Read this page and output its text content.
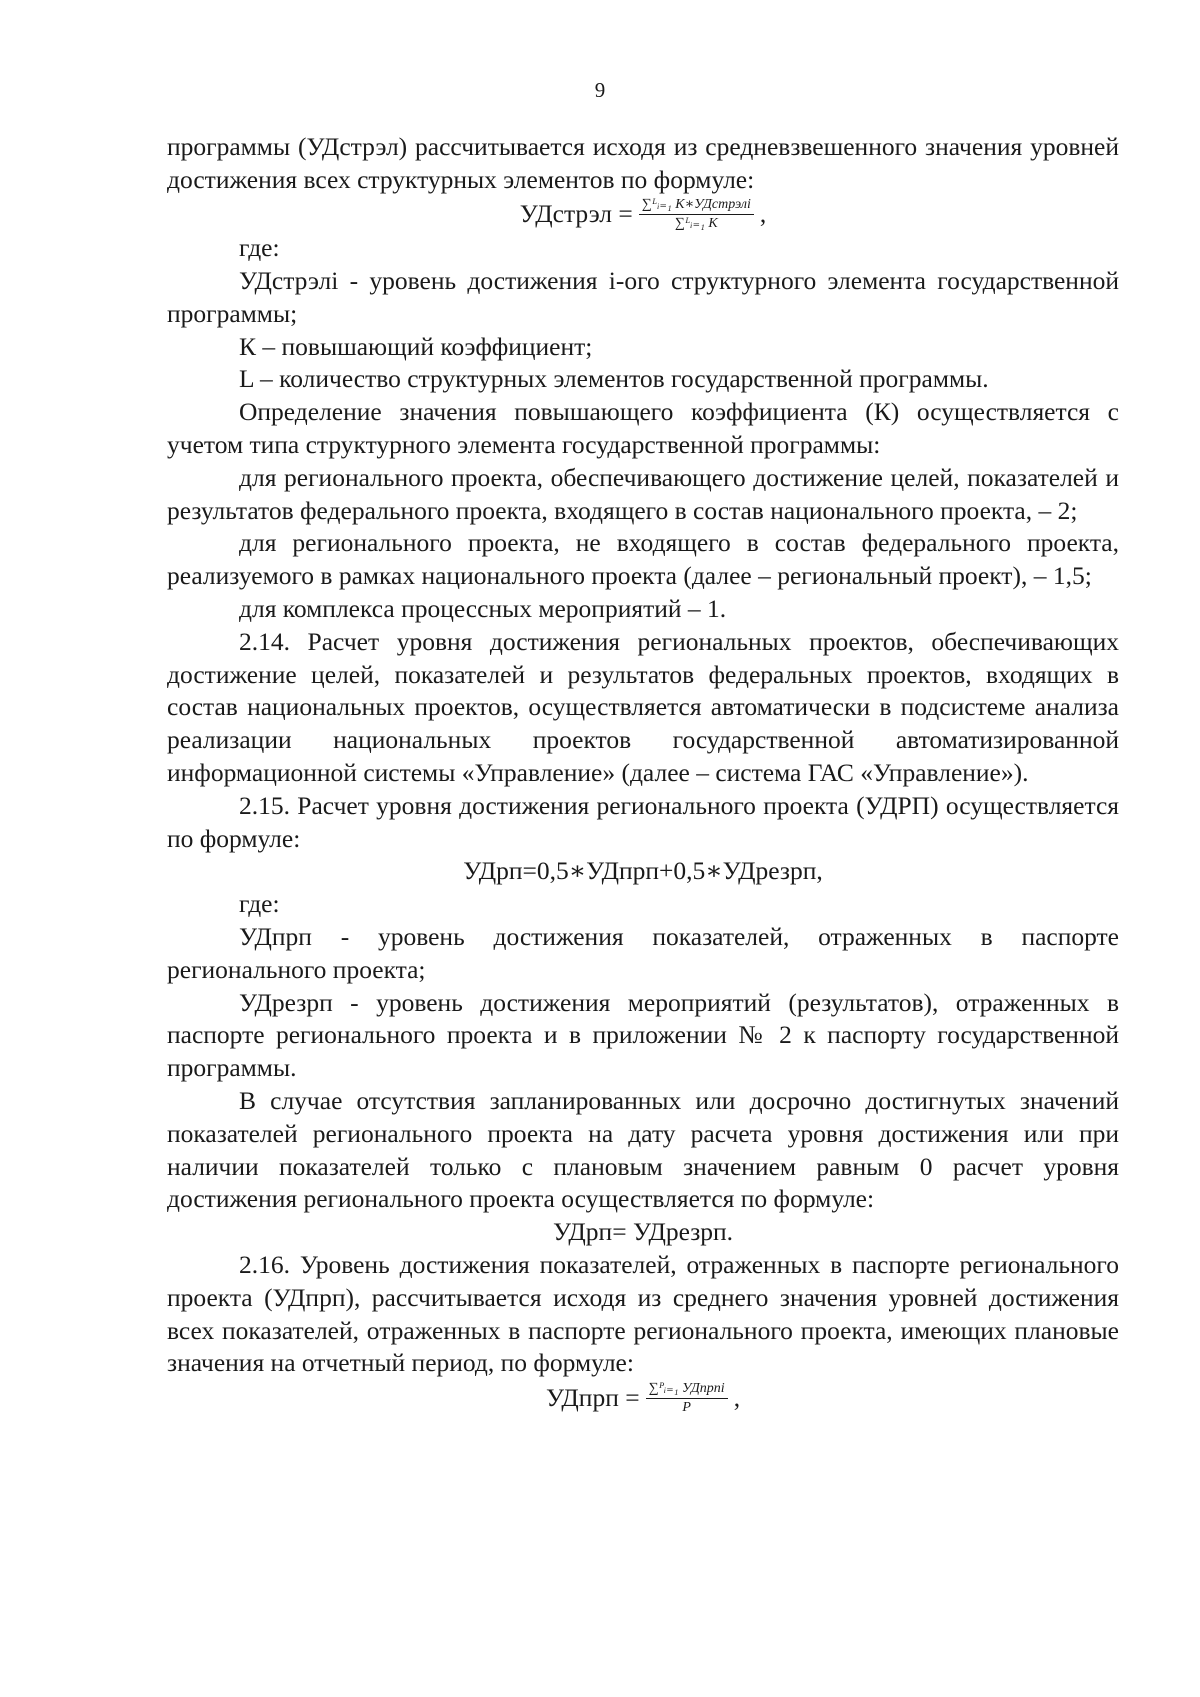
9

программы (УДстрэл) рассчитывается исходя из средневзвешенного значения уровней достижения всех структурных элементов по формуле:

УДстрэл = $\frac{\text{∑ᴸᵢ₌₁ K∗УДстрэлi}}{\text{∑ᴸᵢ₌₁ K}}$ ,

где:

УДстрэлi - уровень достижения i-ого структурного элемента государственной программы;

К – повышающий коэффициент;

L – количество структурных элементов государственной программы.

Определение значения повышающего коэффициента (К) осуществляется с учетом типа структурного элемента государственной программы:

для регионального проекта, обеспечивающего достижение целей, показателей и результатов федерального проекта, входящего в состав национального проекта, – 2;

для регионального проекта, не входящего в состав федерального проекта, реализуемого в рамках национального проекта (далее – региональный проект), – 1,5;

для комплекса процессных мероприятий – 1.

2.14. Расчет уровня достижения региональных проектов, обеспечивающих достижение целей, показателей и результатов федеральных проектов, входящих в состав национальных проектов, осуществляется автоматически в подсистеме анализа реализации национальных проектов государственной автоматизированной информационной системы «Управление» (далее – система ГАС «Управление»).

2.15. Расчет уровня достижения регионального проекта (УДРП) осуществляется по формуле:

УДрп=0,5∗УДпрп+0,5∗УДрезрп,

где:

УДпрп - уровень достижения показателей, отраженных в паспорте регионального проекта;

УДрезрп - уровень достижения мероприятий (результатов), отраженных в паспорте регионального проекта и в приложении № 2 к паспорту государственной программы.

В случае отсутствия запланированных или досрочно достигнутых значений показателей регионального проекта на дату расчета уровня достижения или при наличии показателей только с плановым значением равным 0 расчет уровня достижения регионального проекта осуществляется по формуле:

УДрп= УДрезрп.

2.16. Уровень достижения показателей, отраженных в паспорте регионального проекта (УДпрп), рассчитывается исходя из среднего значения уровней достижения всех показателей, отраженных в паспорте регионального проекта, имеющих плановые значения на отчетный период, по формуле:

УДпрп = $\frac{\text{∑ᴾᵢ₌₁ УДпрпi}}{P}$ ,
